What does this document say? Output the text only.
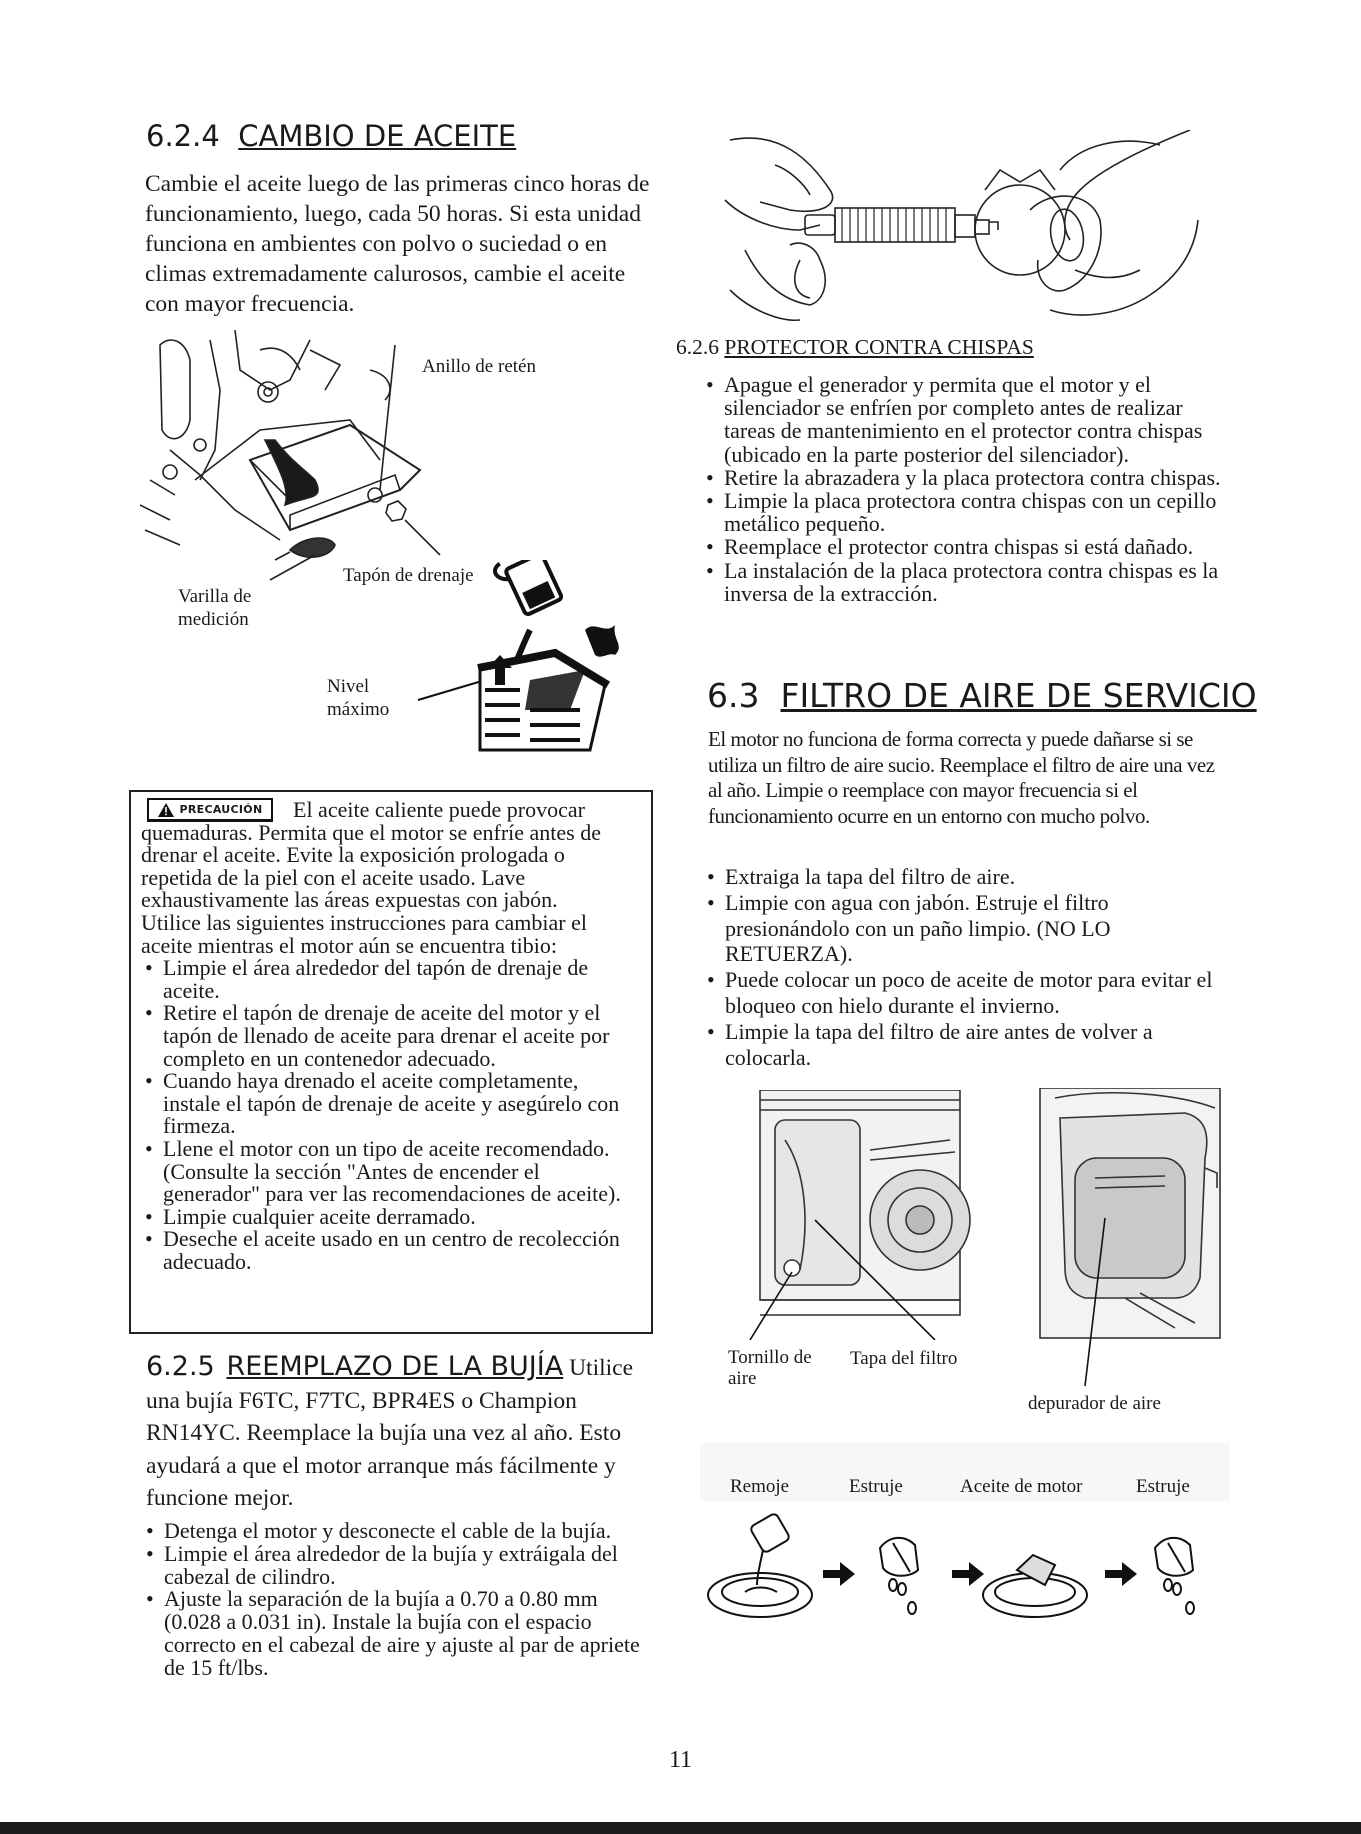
6.2.4 CAMBIO DE ACEITE

Cambie el aceite luego de las primeras cinco horas de funcionamiento, luego, cada 50 horas. Si esta unidad funciona en ambientes con polvo o suciedad o en climas extremadamente calurosos, cambie el aceite con mayor frecuencia.

Anillo de retén
Tapón de drenaje
Varilla de medición
Nivel máximo
PRECAUCIÓN	El aceite caliente puede provocar quemaduras. Permita que el motor se enfríe antes de drenar el aceite. Evite la exposición prologada o repetida de la piel con el aceite usado. Lave exhaustivamente las áreas expuestas con jabón.

Utilice las siguientes instrucciones para cambiar el aceite mientras el motor aún se encuentra tibio:

• Limpie el área alrededor del tapón de drenaje de aceite.
• Retire el tapón de drenaje de aceite del motor y el tapón de llenado de aceite para drenar el aceite por completo en un contenedor adecuado.
• Cuando haya drenado el aceite completamente, instale el tapón de drenaje de aceite y asegúrelo con firmeza.
• Llene el motor con un tipo de aceite recomendado. (Consulte la sección "Antes de encender el generador" para ver las recomendaciones de aceite).
• Limpie cualquier aceite derramado.
• Deseche el aceite usado en un centro de recolección adecuado.
6.2.5 REEMPLAZO DE LA BUJÍA Utilice una bujía F6TC, F7TC, BPR4ES o Champion RN14YC. Reemplace la bujía una vez al año. Esto ayudará a que el motor arranque más fácilmente y funcione mejor.
• Detenga el motor y desconecte el cable de la bujía.
• Limpie el área alrededor de la bujía y extráigala del cabezal de cilindro.
• Ajuste la separación de la bujía a 0.70 a 0.80 mm (0.028 a 0.031 in). Instale la bujía con el espacio correcto en el cabezal de aire y ajuste al par de apriete de 15 ft/lbs.
6.2.6 PROTECTOR CONTRA CHISPAS
• Apague el generador y permita que el motor y el silenciador se enfríen por completo antes de realizar tareas de mantenimiento en el protector contra chispas (ubicado en la parte posterior del silenciador).
• Retire la abrazadera y la placa protectora contra chispas.
• Limpie la placa protectora contra chispas con un cepillo metálico pequeño.
• Reemplace el protector contra chispas si está dañado.
• La instalación de la placa protectora contra chispas es la inversa de la extracción.
6.3 FILTRO DE AIRE DE SERVICIO

El motor no funciona de forma correcta y puede dañarse si se utiliza un filtro de aire sucio. Reemplace el filtro de aire una vez al año. Limpie o reemplace con mayor frecuencia si el funcionamiento ocurre en un entorno con mucho polvo.

• Extraiga la tapa del filtro de aire.
• Limpie con agua con jabón. Estruje el filtro presionándolo con un paño limpio. (NO LO RETUERZA).
• Puede colocar un poco de aceite de motor para evitar el bloqueo con hielo durante el invierno.
• Limpie la tapa del filtro de aire antes de volver a colocarla.
Tornillo de aire
Tapa del filtro
depurador de aire
Remoje	Estruje	Aceite de motor	Estruje
11
